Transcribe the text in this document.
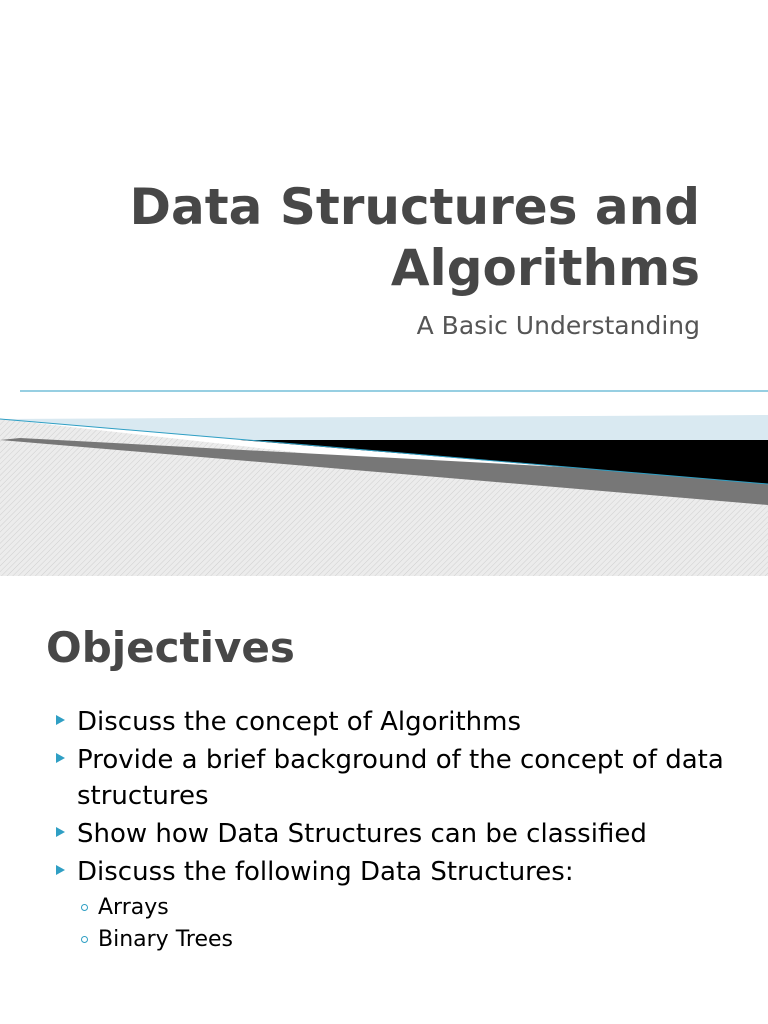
Data Structures and
Algorithms
A Basic Understanding
Objectives
Discuss the concept of Algorithms
Provide a brief background of the concept of data structures
Show how Data Structures can be classified
Discuss the following Data Structures:
Arrays
Binary Trees
